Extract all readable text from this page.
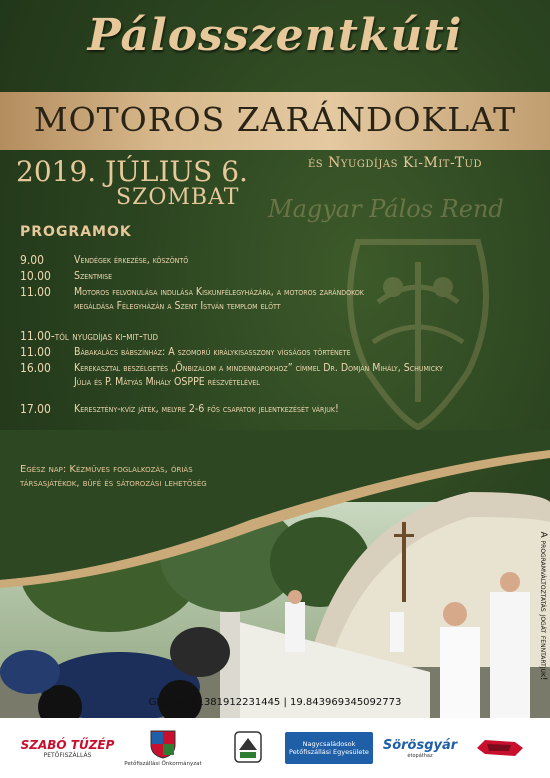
Pálosszentkúti
MOTOROS ZARÁNDOKLAT
2019. JÚLIUS 6.
SZOMBAT
és Nyugdíjas Ki-Mit-Tud
Magyar Pálos Rend
PROGRAMOK
9.00	Vendégek érkezése, köszöntő
10.00	Szentmise
11.00	Motoros felvonulása indulása Kiskunfélegyházára, a motoros zarándokok megáldása Félegyházán a Szent István templom előtt
11.00-tól nyugdíjas ki-mit-tud
11.00	Bábakalács bábszínház: A szomorú királykisasszony vígságos története
16.00	Kerekasztal beszélgetés „Önbizalom a mindennapokhoz” címmel Dr. Domján Mihály, Schumicky Júlia és P. Mátyás Mihály OSPPE részvételével
17.00	Keresztény-kvíz játék, melyre 2-6 fős csapatok jelentkezését várjuk!
Egész nap: Kézműves foglalkozás, óriás társasjátékok, büfé és sátorozási lehetőség
GPS: 46.61381912231445 | 19.843969345092773
A programváltoztatás jogát fenntartjuk!
SZABÓ TŰZÉP
PETŐFISZÁLLÁS
Petőfiszállási Önkormányzat
Nagycsaládosok Petőfiszállási Egyesülete Sörösgyár
étopáthaz
